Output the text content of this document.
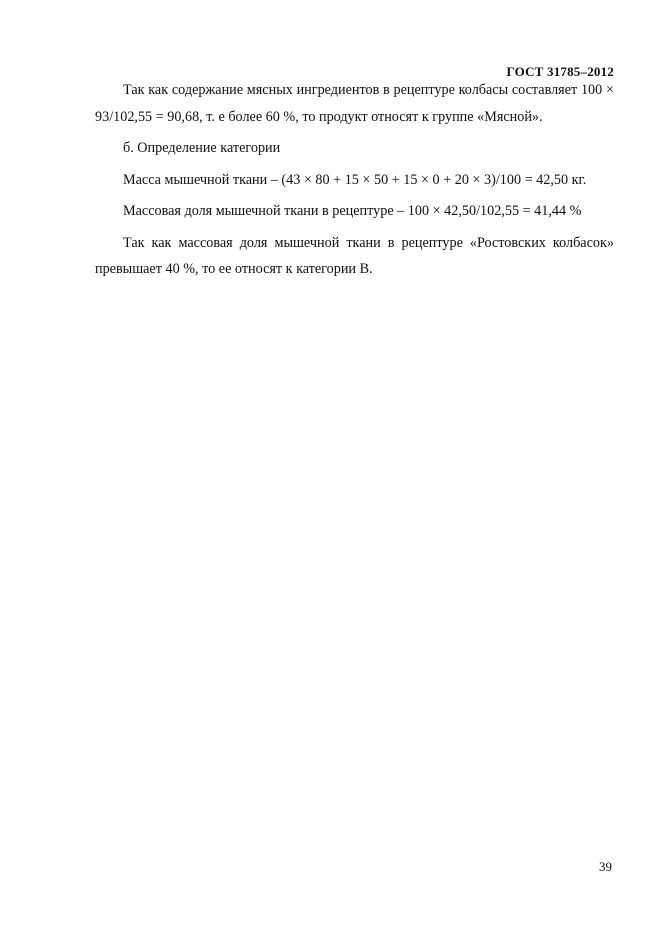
ГОСТ 31785–2012

Так как содержание мясных ингредиентов в рецептуре колбасы составляет 100 × 93/102,55 = 90,68, т. е более 60 %, то продукт относят к группе «Мясной».

б. Определение категории

Масса мышечной ткани – (43 × 80 + 15 × 50 + 15 × 0 + 20 × 3)/100 = 42,50 кг.

Массовая доля мышечной ткани в рецептуре – 100 × 42,50/102,55 = 41,44 %

Так как массовая доля мышечной ткани в рецептуре «Ростовских колбасок» превышает 40 %, то ее относят к категории В.

39
